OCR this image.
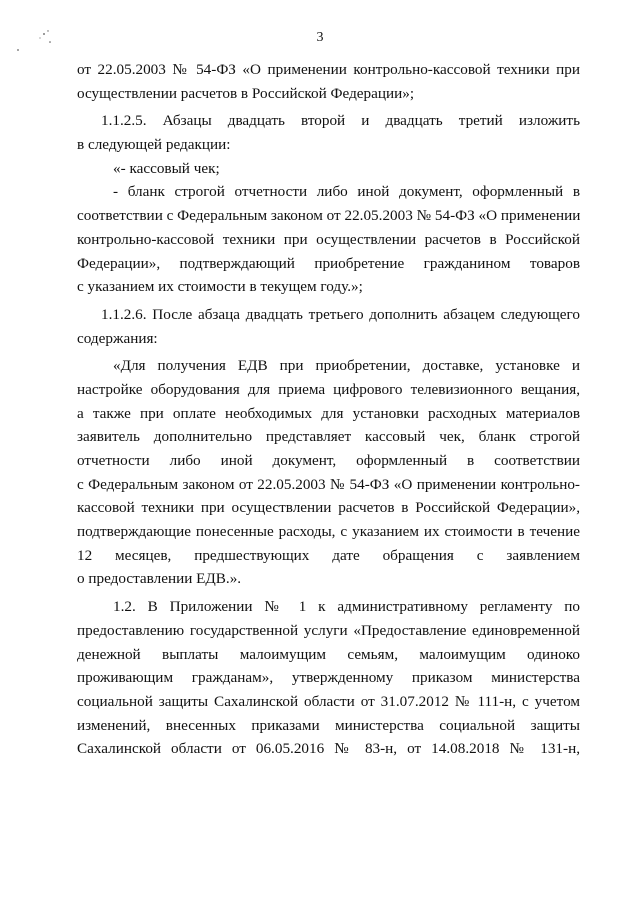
3
от 22.05.2003 № 54-ФЗ «О применении контрольно-кассовой техники при
осуществлении расчетов в Российской Федерации»;
1.1.2.5. Абзацы двадцать второй и двадцать третий изложить
в следующей редакции:
«- кассовый чек;
- бланк строгой отчетности либо иной документ, оформленный в
соответствии с Федеральным законом от 22.05.2003 № 54-ФЗ «О применении
контрольно-кассовой техники при осуществлении расчетов в Российской
Федерации», подтверждающий приобретение гражданином товаров
с указанием их стоимости в текущем году.»;
1.1.2.6. После абзаца двадцать третьего дополнить абзацем следующего
содержания:
«Для получения ЕДВ при приобретении, доставке, установке и
настройке оборудования для приема цифрового телевизионного вещания,
а также при оплате необходимых для установки расходных материалов
заявитель дополнительно представляет кассовый чек, бланк строгой
отчетности либо иной документ, оформленный в соответствии
с Федеральным законом от 22.05.2003 № 54-ФЗ «О применении контрольно-
кассовой техники при осуществлении расчетов в Российской Федерации»,
подтверждающие понесенные расходы, с указанием их стоимости в течение
12 месяцев, предшествующих дате обращения с заявлением
о предоставлении ЕДВ.».
1.2. В Приложении № 1 к административному регламенту по
предоставлению государственной услуги «Предоставление единовременной
денежной выплаты малоимущим семьям, малоимущим одиноко
проживающим гражданам», утвержденному приказом министерства
социальной защиты Сахалинской области от 31.07.2012 № 111-н, с учетом
изменений, внесенных приказами министерства социальной защиты
Сахалинской области от 06.05.2016 № 83-н, от 14.08.2018 № 131-н,
